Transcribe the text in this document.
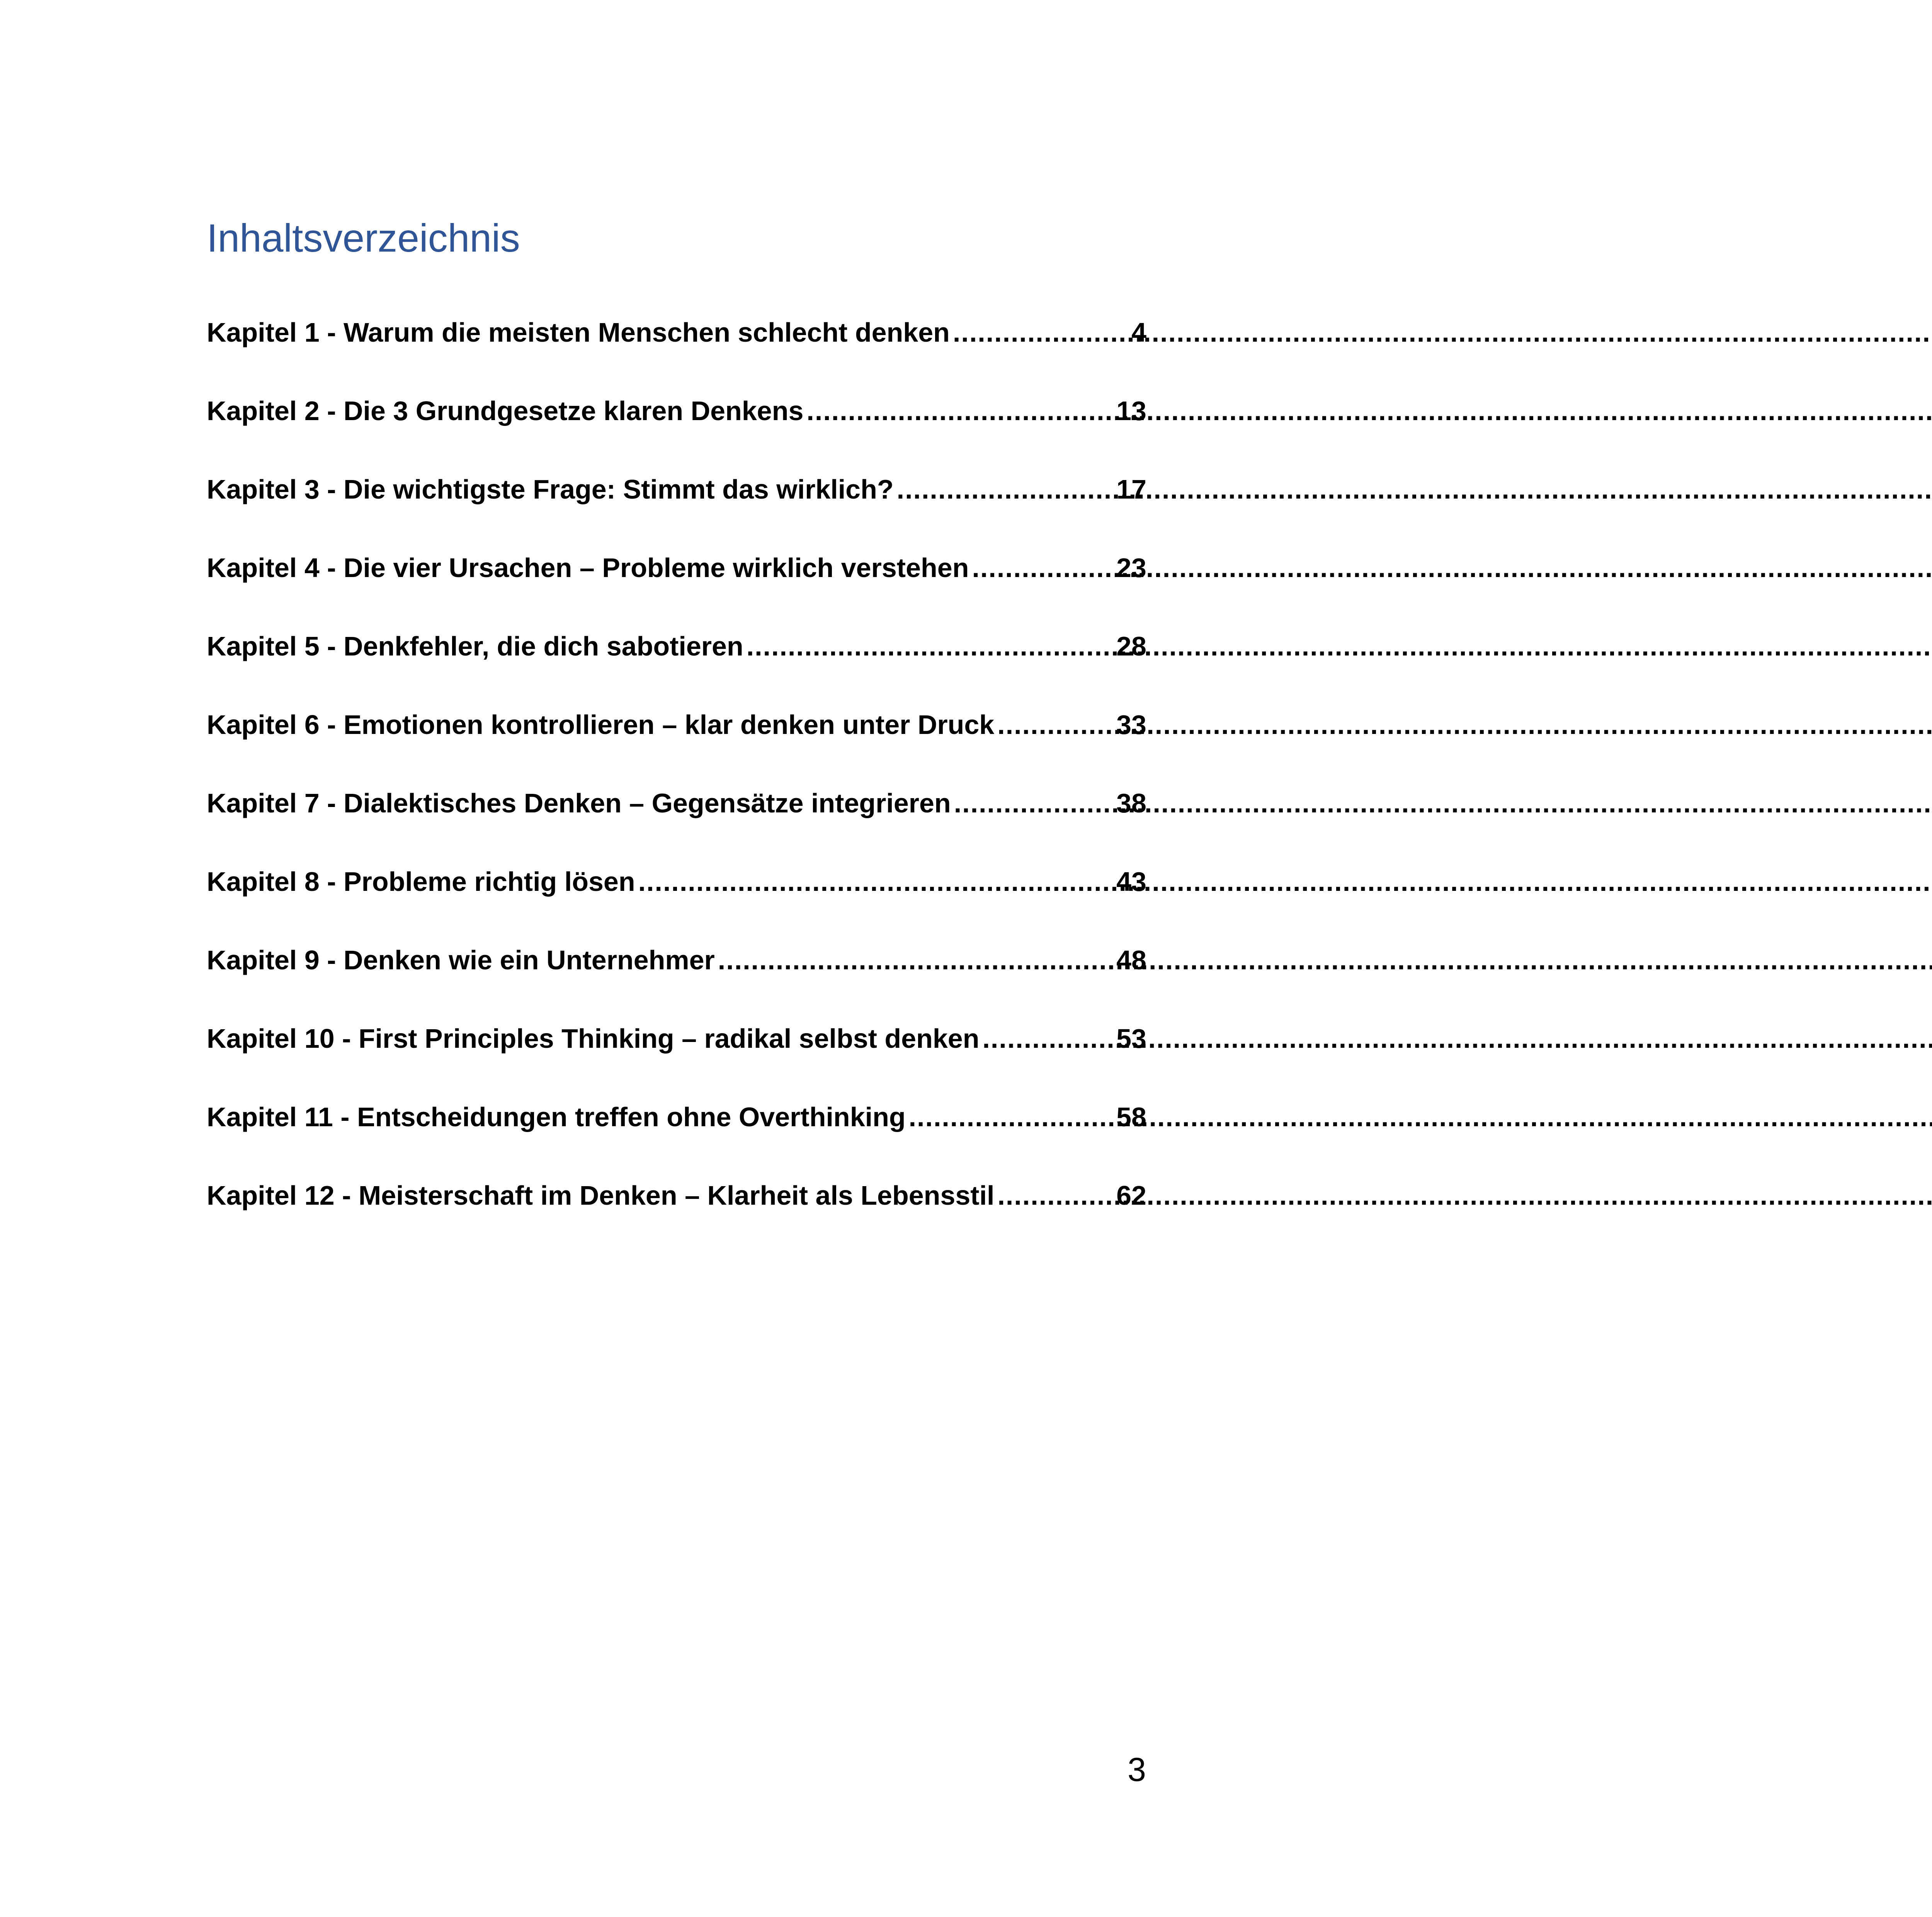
Inhaltsverzeichnis
Kapitel 1 - Warum die meisten Menschen schlecht denken .....	4
Kapitel 2 - Die 3 Grundgesetze klaren Denkens .....	13
Kapitel 3 - Die wichtigste Frage: Stimmt das wirklich? .....	17
Kapitel 4 - Die vier Ursachen – Probleme wirklich verstehen .....	23
Kapitel 5 - Denkfehler, die dich sabotieren .....	28
Kapitel 6 - Emotionen kontrollieren – klar denken unter Druck .....	33
Kapitel 7 - Dialektisches Denken – Gegensätze integrieren .....	38
Kapitel 8 - Probleme richtig lösen .....	43
Kapitel 9 - Denken wie ein Unternehmer .....	48
Kapitel 10 - First Principles Thinking – radikal selbst denken .....	53
Kapitel 11 - Entscheidungen treffen ohne Overthinking .....	58
Kapitel 12 - Meisterschaft im Denken – Klarheit als Lebensstil .....	62
3
